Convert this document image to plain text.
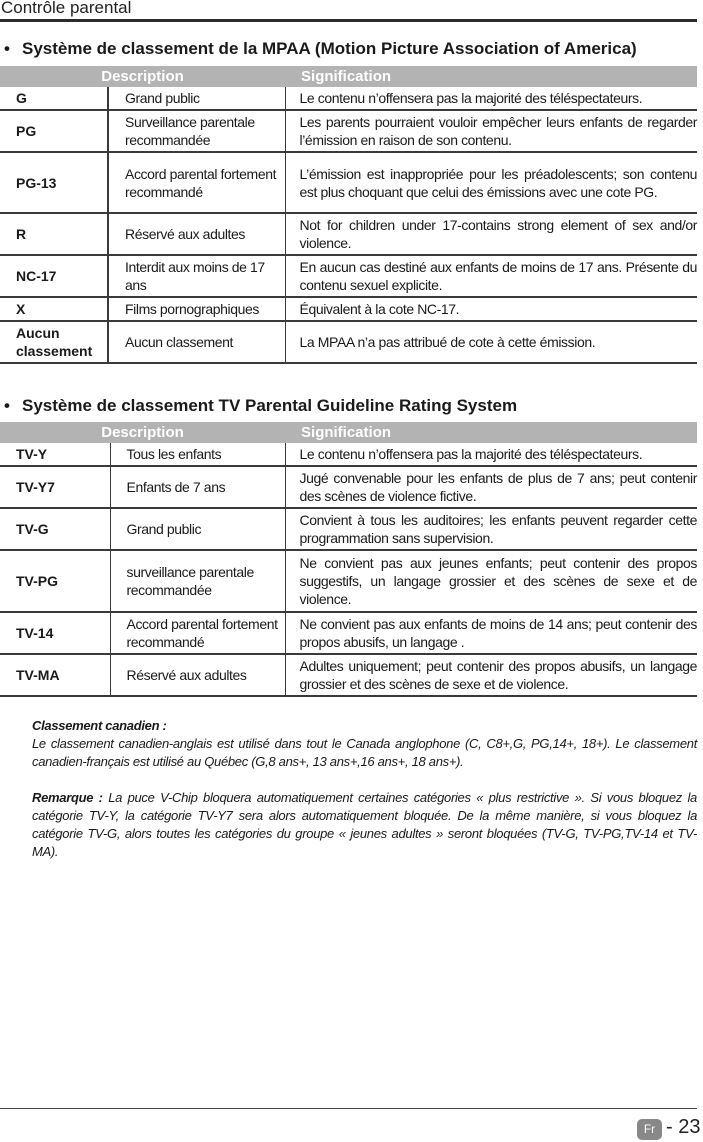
Contrôle parental
• Système de classement de la MPAA (Motion Picture Association of America)
Description		Signification
G	Grand public	Le contenu n’offensera pas la majorité des téléspectateurs.
PG	Surveillance parentale recommandée	Les parents pourraient vouloir empêcher leurs enfants de regarder l’émission en raison de son contenu.
PG-13	Accord parental fortement recommandé	L’émission est inappropriée pour les préadolescents; son contenu est plus choquant que celui des émissions avec une cote PG.
R	Réservé aux adultes	Not for children under 17-contains strong element of sex and/or violence.
NC-17	Interdit aux moins de 17 ans	En aucun cas destiné aux enfants de moins de 17 ans. Présente du contenu sexuel explicite.
X	Films pornographiques	Équivalent à la cote NC-17.
Aucun classement	Aucun classement	La MPAA n’a pas attribué de cote à cette émission.
• Système de classement TV Parental Guideline Rating System
Description		Signification
TV-Y	Tous les enfants	Le contenu n’offensera pas la majorité des téléspectateurs.
TV-Y7	Enfants de 7 ans	Jugé convenable pour les enfants de plus de 7 ans; peut contenir des scènes de violence fictive.
TV-G	Grand public	Convient à tous les auditoires; les enfants peuvent regarder cette programmation sans supervision.
TV-PG	surveillance parentale recommandée	Ne convient pas aux jeunes enfants; peut contenir des propos suggestifs, un langage grossier et des scènes de sexe et de violence.
TV-14	Accord parental fortement recommandé	Ne convient pas aux enfants de moins de 14 ans; peut contenir des propos abusifs, un langage .
TV-MA	Réservé aux adultes	Adultes uniquement; peut contenir des propos abusifs, un langage grossier et des scènes de sexe et de violence.

Classement canadien :
Le classement canadien-anglais est utilisé dans tout le Canada anglophone (C, C8+,G, PG,14+, 18+). Le classement canadien-français est utilisé au Québec (G,8 ans+, 13 ans+,16 ans+, 18 ans+).

Remarque : La puce V-Chip bloquera automatiquement certaines catégories « plus restrictive ». Si vous bloquez la catégorie TV-Y, la catégorie TV-Y7 sera alors automatiquement bloquée. De la même manière, si vous bloquez la catégorie TV-G, alors toutes les catégories du groupe « jeunes adultes » seront bloquées (TV-G, TV-PG,TV-14 et TV-MA).

Fr - 23
